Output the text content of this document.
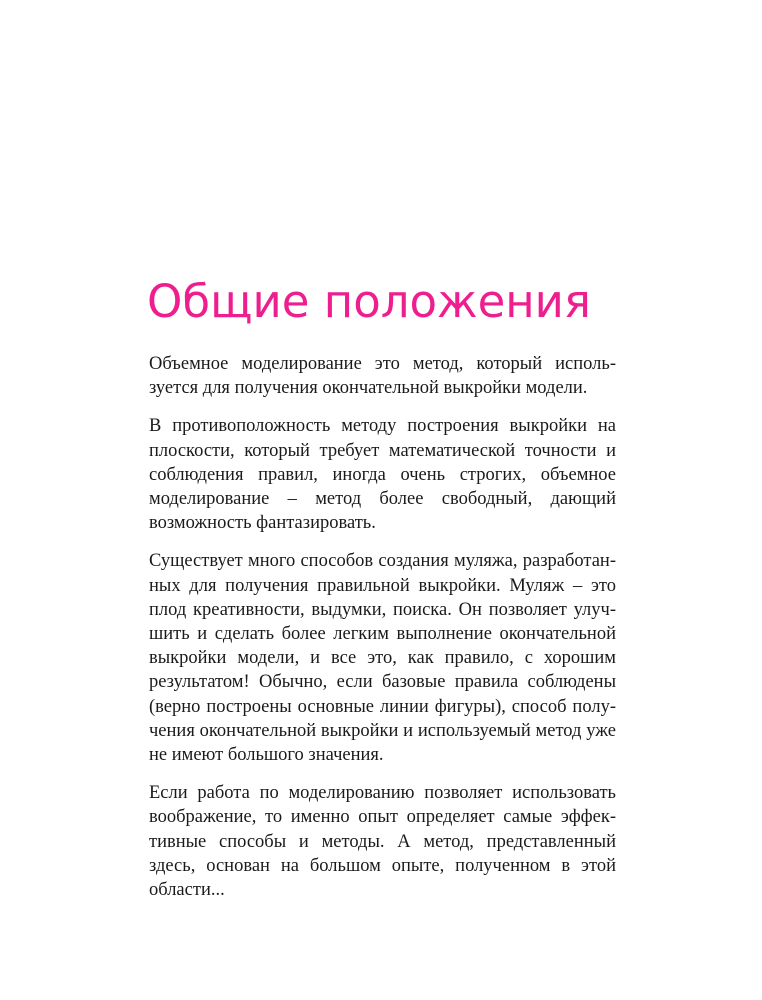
Общие положения

Объемное моделирование это метод, который используется для получения окончательной выкройки модели.

В противоположность методу построения выкройки на плоскости, который требует математической точности и соблюдения правил, иногда очень строгих, объемное моделирование – метод более свободный, дающий возможность фантазировать.

Существует много способов создания муляжа, разработанных для получения правильной выкройки. Муляж – это плод креативности, выдумки, поиска. Он позволяет улучшить и сделать более легким выполнение окончательной выкройки модели, и все это, как правило, с хорошим результатом! Обычно, если базовые правила соблюдены (верно построены основные линии фигуры), способ получения окончательной выкройки и используемый метод уже не имеют большого значения.

Если работа по моделированию позволяет использовать воображение, то именно опыт определяет самые эффективные способы и методы. А метод, представленный здесь, основан на большом опыте, полученном в этой области...
